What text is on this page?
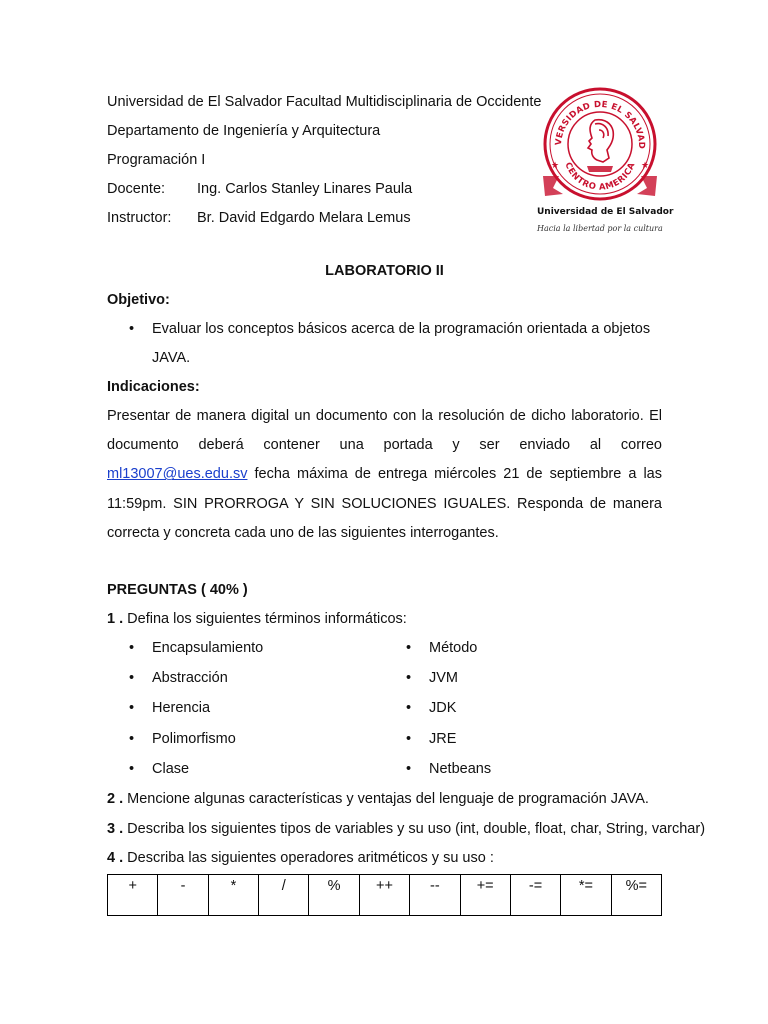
Universidad de El Salvador Facultad Multidisciplinaria de Occidente
Departamento de Ingeniería y Arquitectura
Programación I
Docente: Ing. Carlos Stanley Linares Paula
Instructor: Br. David Edgardo Melara Lemus
VERSIDAD DE EL SALVAD
CENTRO AMERICA
★	★
Universidad de El Salvador
Hacia la libertad por la cultura
LABORATORIO II
Objetivo:
• Evaluar los conceptos básicos acerca de la programación orientada a objetos JAVA.
Indicaciones:
Presentar de manera digital un documento con la resolución de dicho laboratorio. El documento deberá contener una portada y ser enviado al correo ml13007@ues.edu.sv fecha máxima de entrega miércoles 21 de septiembre a las 11:59pm. SIN PRORROGA Y SIN SOLUCIONES IGUALES. Responda de manera correcta y concreta cada uno de las siguientes interrogantes.
PREGUNTAS ( 40% )
1 . Defina los siguientes términos informáticos:
• Encapsulamiento
• Abstracción
• Herencia
• Polimorfismo
• Clase
• Método
• JVM
• JDK
• JRE
• Netbeans
2 . Mencione algunas características y ventajas del lenguaje de programación JAVA.
3 . Describa los siguientes tipos de variables y su uso (int, double, float, char, String, varchar)
4 . Describa las siguientes operadores aritméticos y su uso :
+	-	*	/	%	++	--	+=	-=	*=	%=
